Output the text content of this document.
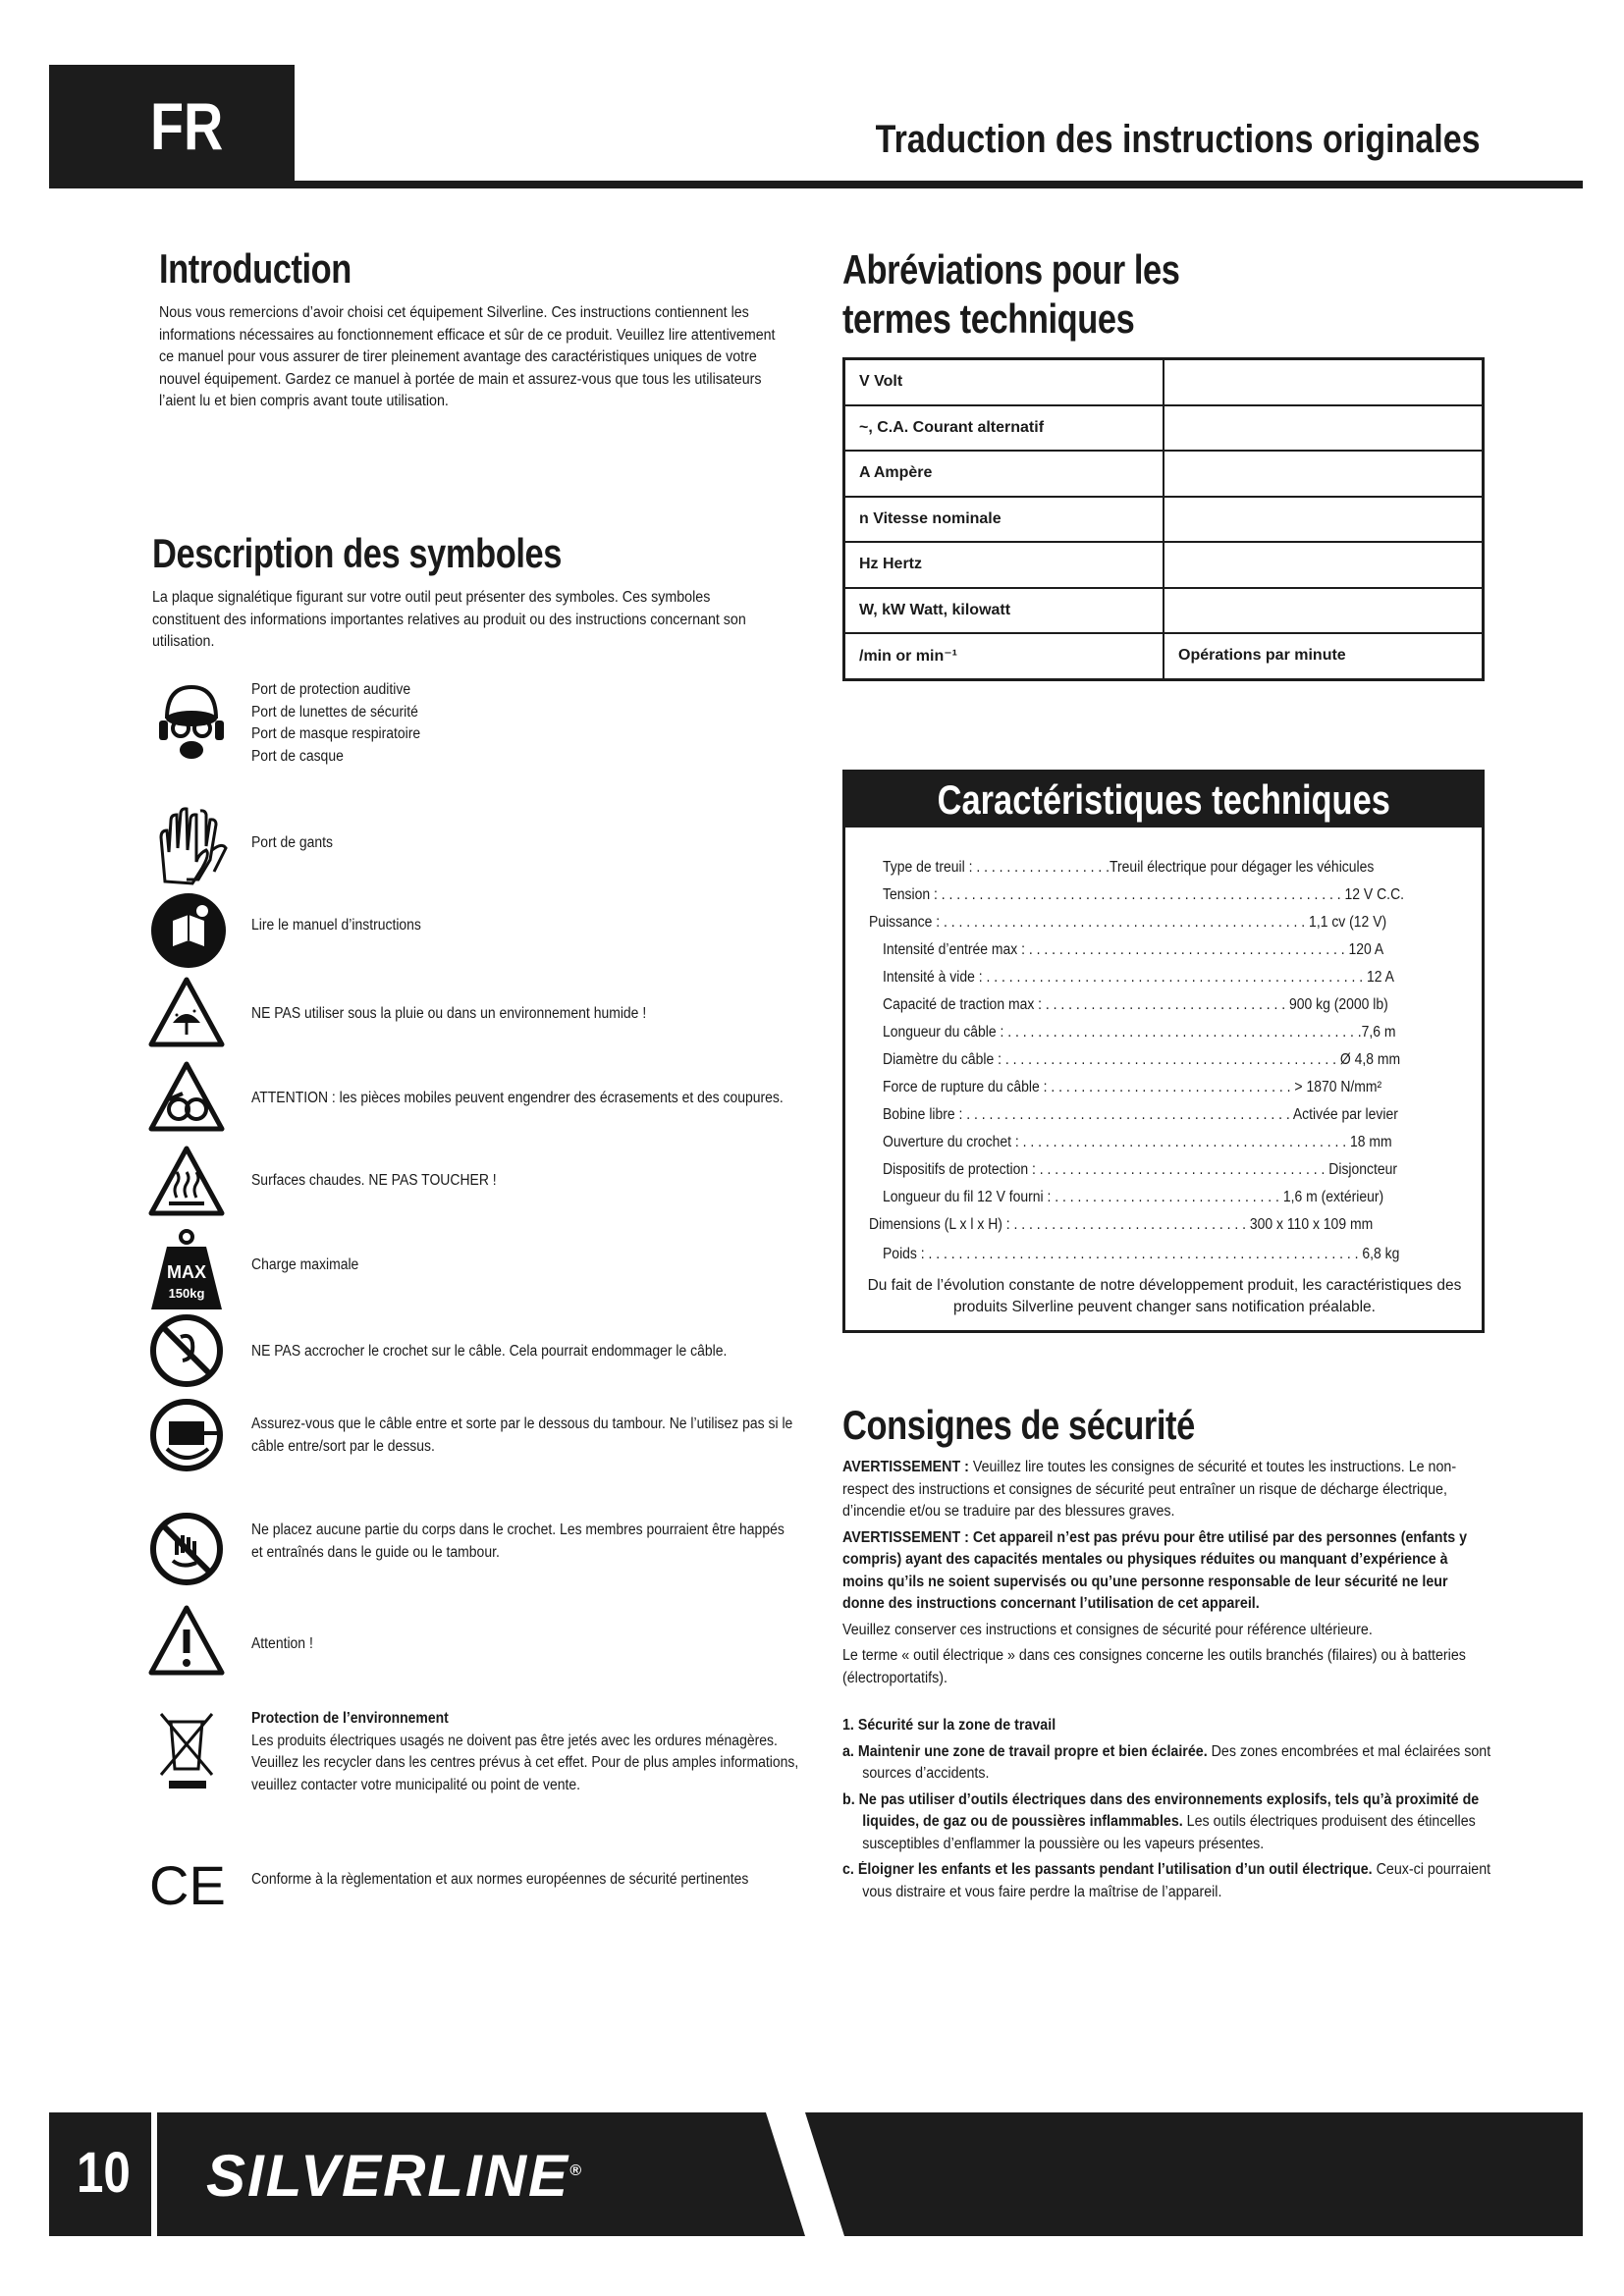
FR	Traduction des instructions originales
Introduction
Nous vous remercions d’avoir choisi cet équipement Silverline. Ces instructions contiennent les informations nécessaires au fonctionnement efficace et sûr de ce produit. Veuillez lire attentivement ce manuel pour vous assurer de tirer pleinement avantage des caractéristiques uniques de votre nouvel équipement. Gardez ce manuel à portée de main et assurez-vous que tous les utilisateurs l’aient lu et bien compris avant toute utilisation.
Description des symboles
La plaque signalétique figurant sur votre outil peut présenter des symboles. Ces symboles constituent des informations importantes relatives au produit ou des instructions concernant son utilisation.
Port de protection auditive
Port de lunettes de sécurité
Port de masque respiratoire
Port de casque
Port de gants
Lire le manuel d’instructions
NE PAS utiliser sous la pluie ou dans un environnement humide !
ATTENTION : les pièces mobiles peuvent engendrer des écrasements et des coupures.
Surfaces chaudes. NE PAS TOUCHER !
MAX
150kg
Charge maximale
NE PAS accrocher le crochet sur le câble. Cela pourrait endommager le câble.
Assurez-vous que le câble entre et sorte par le dessous du tambour. Ne l’utilisez pas si le câble entre/sort par le dessus.
Ne placez aucune partie du corps dans le crochet. Les membres pourraient être happés et entraînés dans le guide ou le tambour.
Attention !
Protection de l’environnement
Les produits électriques usagés ne doivent pas être jetés avec les ordures ménagères. Veuillez les recycler dans les centres prévus à cet effet. Pour de plus amples informations, veuillez contacter votre municipalité ou point de vente.
CE Conforme à la règlementation et aux normes européennes de sécurité pertinentes
Abréviations pour les termes techniques
V Volt	
~, C.A. Courant alternatif	
A Ampère	
n Vitesse nominale	
Hz Hertz	
W, kW Watt, kilowatt	
/min or min⁻¹	Opérations par minute
Caractéristiques techniques
Type de treuil : . . . . . . . . . . . . . . . . . .Treuil électrique pour dégager les véhicules
Tension : . . . . . . . . . . . . . . . . . . . . . . . . . . . . . . . . . . . . . . . . . . . . . . . . . . . . . 12 V C.C.
Puissance : . . . . . . . . . . . . . . . . . . . . . . . . . . . . . . . . . . . . . . . . . . . . . . . . 1,1 cv (12 V)
Intensité d’entrée max : . . . . . . . . . . . . . . . . . . . . . . . . . . . . . . . . . . . . . . . . . . 120 A
Intensité à vide : . . . . . . . . . . . . . . . . . . . . . . . . . . . . . . . . . . . . . . . . . . . . . . . . . . 12 A
Capacité de traction max : . . . . . . . . . . . . . . . . . . . . . . . . . . . . . . . . 900 kg (2000 lb)
Longueur du câble : . . . . . . . . . . . . . . . . . . . . . . . . . . . . . . . . . . . . . . . . . . . . . . .7,6 m
Diamètre du câble : . . . . . . . . . . . . . . . . . . . . . . . . . . . . . . . . . . . . . . . . . . . . Ø 4,8 mm
Force de rupture du câble : . . . . . . . . . . . . . . . . . . . . . . . . . . . . . . . . > 1870 N/mm²
Bobine libre : . . . . . . . . . . . . . . . . . . . . . . . . . . . . . . . . . . . . . . . . . . . Activée par levier
Ouverture du crochet : . . . . . . . . . . . . . . . . . . . . . . . . . . . . . . . . . . . . . . . . . . . 18 mm
Dispositifs de protection : . . . . . . . . . . . . . . . . . . . . . . . . . . . . . . . . . . . . . . Disjoncteur
Longueur du fil 12 V fourni : . . . . . . . . . . . . . . . . . . . . . . . . . . . . . . 1,6 m (extérieur)
Dimensions (L x l x H) : . . . . . . . . . . . . . . . . . . . . . . . . . . . . . . . 300 x 110 x 109 mm
Poids : . . . . . . . . . . . . . . . . . . . . . . . . . . . . . . . . . . . . . . . . . . . . . . . . . . . . . . . . . 6,8 kg
Du fait de l’évolution constante de notre développement produit, les caractéristiques des produits Silverline peuvent changer sans notification préalable.
Consignes de sécurité

AVERTISSEMENT : Veuillez lire toutes les consignes de sécurité et toutes les instructions. Le non-respect des instructions et consignes de sécurité peut entraîner un risque de décharge électrique, d’incendie et/ou se traduire par des blessures graves.

AVERTISSEMENT : Cet appareil n’est pas prévu pour être utilisé par des personnes (enfants y compris) ayant des capacités mentales ou physiques réduites ou manquant d’expérience à moins qu’ils ne soient supervisés ou qu’une personne responsable de leur sécurité ne leur donne des instructions concernant l’utilisation de cet appareil.

Veuillez conserver ces instructions et consignes de sécurité pour référence ultérieure.

Le terme « outil électrique » dans ces consignes concerne les outils branchés (filaires) ou à batteries (électroportatifs).

1. Sécurité sur la zone de travail

a. Maintenir une zone de travail propre et bien éclairée. Des zones encombrées et mal éclairées sont sources d’accidents.

b. Ne pas utiliser d’outils électriques dans des environnements explosifs, tels qu’à proximité de liquides, de gaz ou de poussières inflammables. Les outils électriques produisent des étincelles susceptibles d’enflammer la poussière ou les vapeurs présentes.

c. Éloigner les enfants et les passants pendant l’utilisation d’un outil électrique. Ceux-ci pourraient vous distraire et vous faire perdre la maîtrise de l’appareil.

10 SILVERLINE®
